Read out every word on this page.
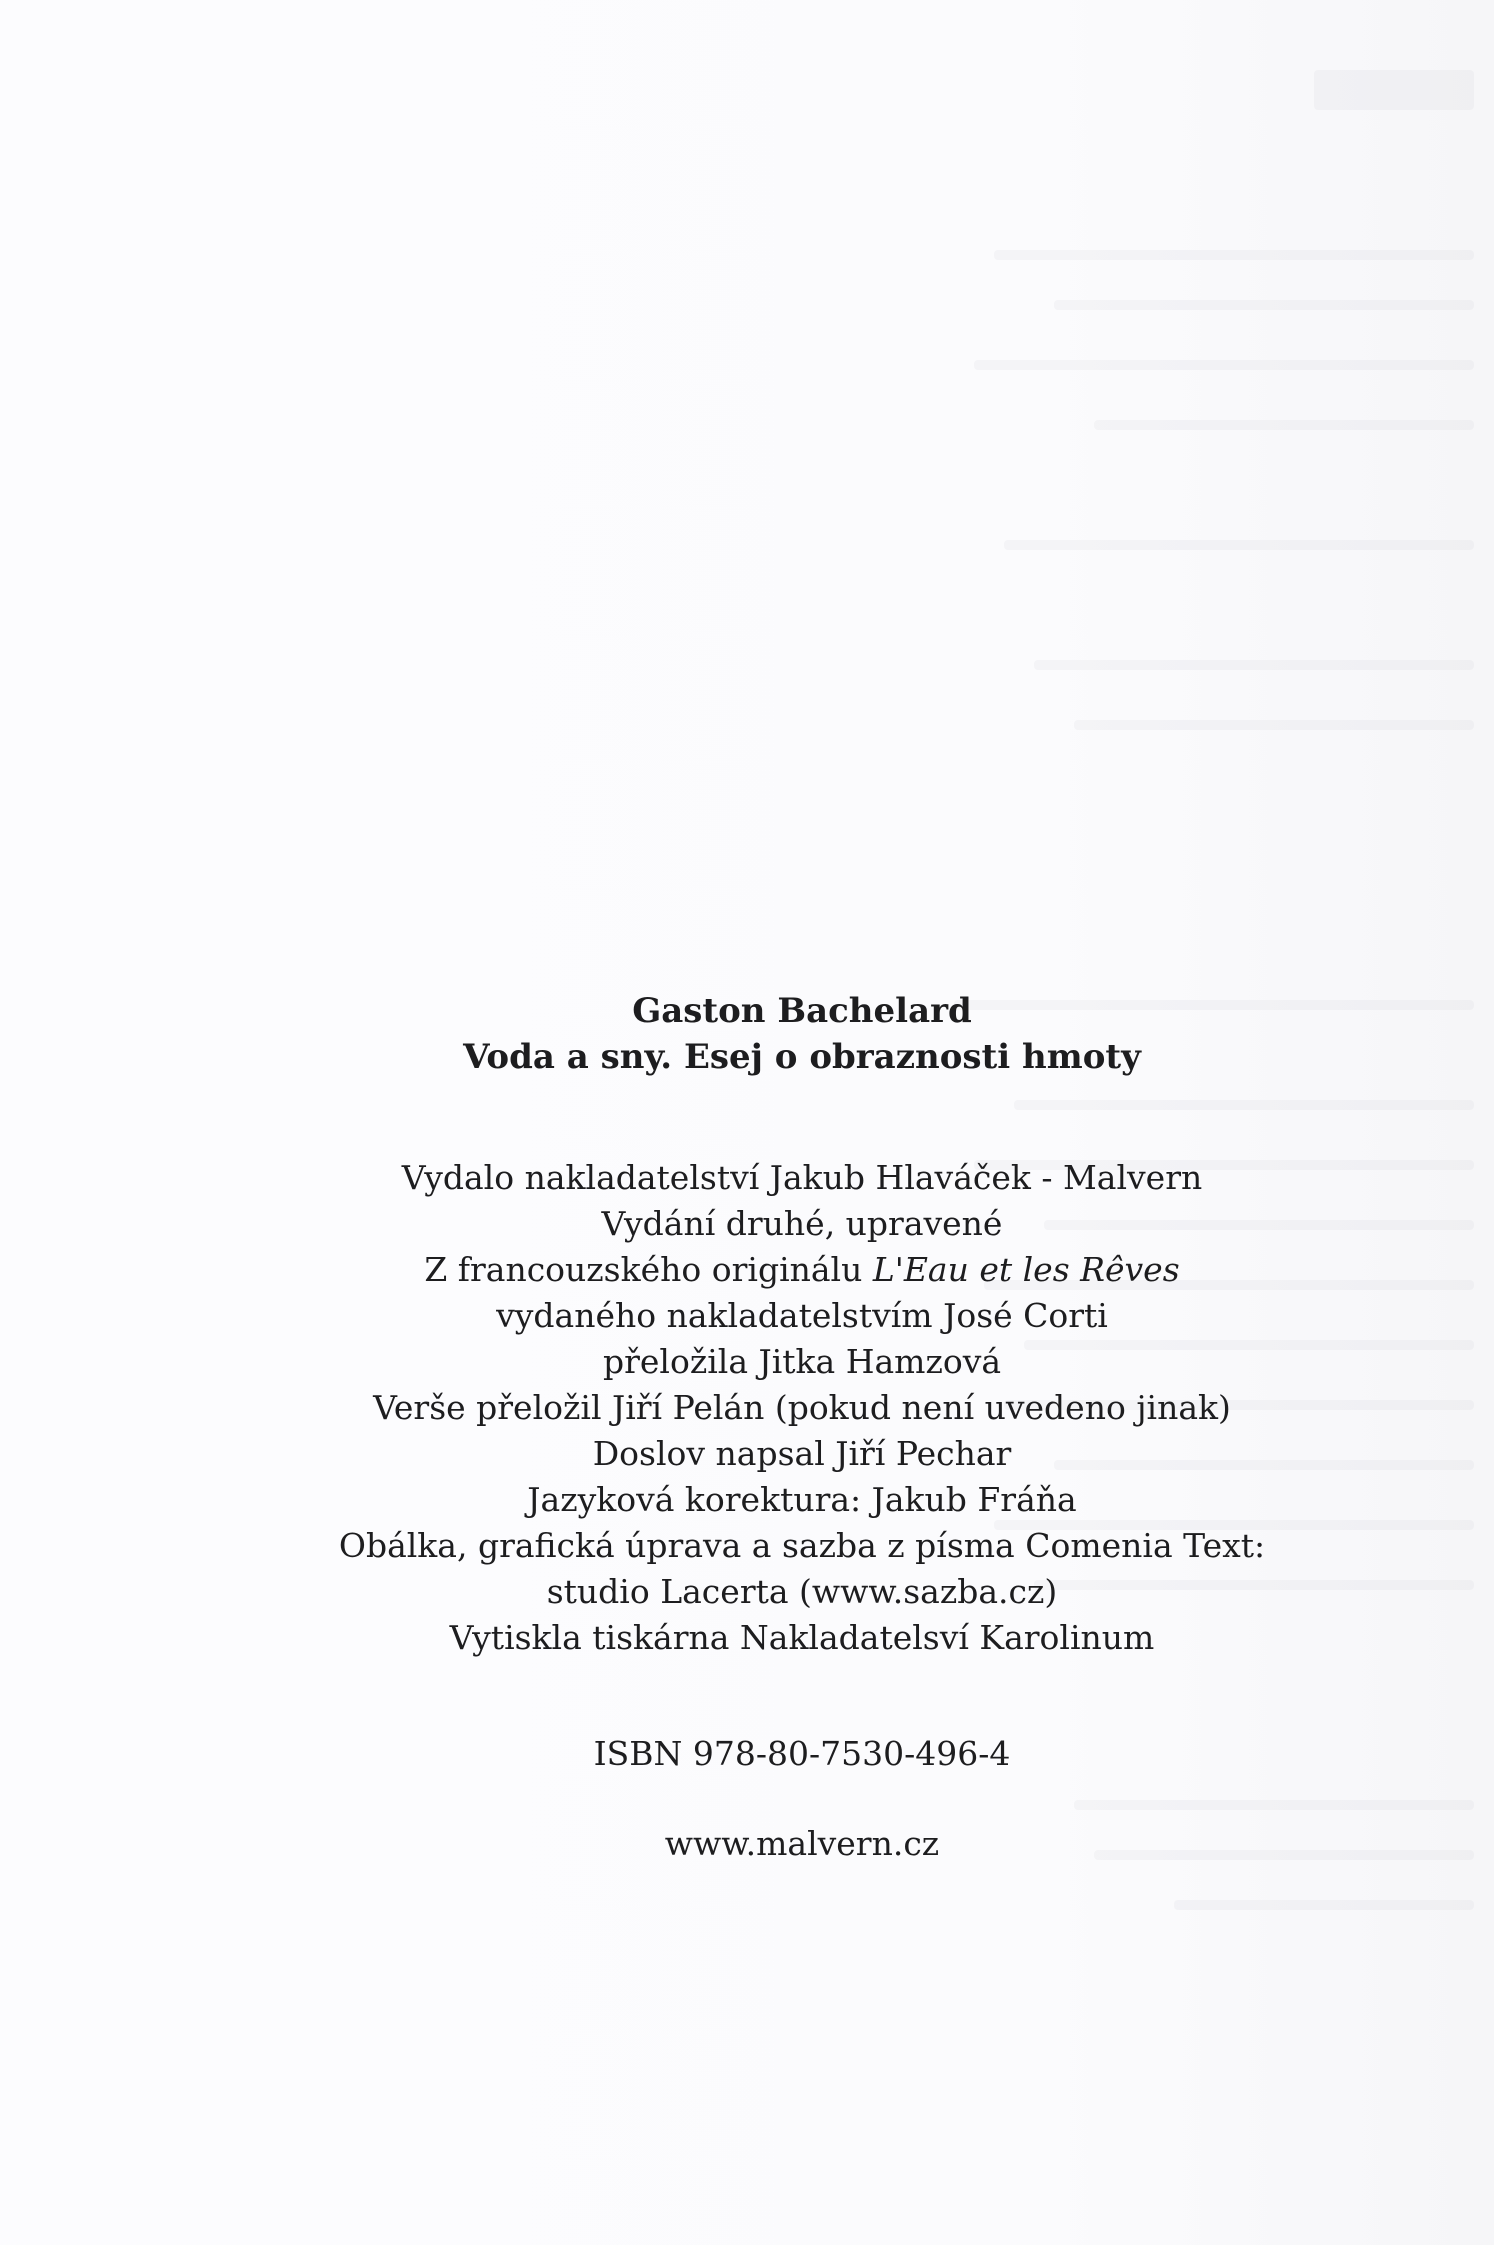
Gaston Bachelard

Voda a sny. Esej o obraznosti hmoty

Vydalo nakladatelství Jakub Hlaváček - Malvern
Vydání druhé, upravené
Z francouzského originálu L'Eau et les Rêves
vydaného nakladatelstvím José Corti
přeložila Jitka Hamzová
Verše přeložil Jiří Pelán (pokud není uvedeno jinak)
Doslov napsal Jiří Pechar
Jazyková korektura: Jakub Fráňa
Obálka, grafická úprava a sazba z písma Comenia Text:
studio Lacerta (www.sazba.cz)
Vytiskla tiskárna Nakladatelsví Karolinum
ISBN 978-80-7530-496-4
www.malvern.cz
